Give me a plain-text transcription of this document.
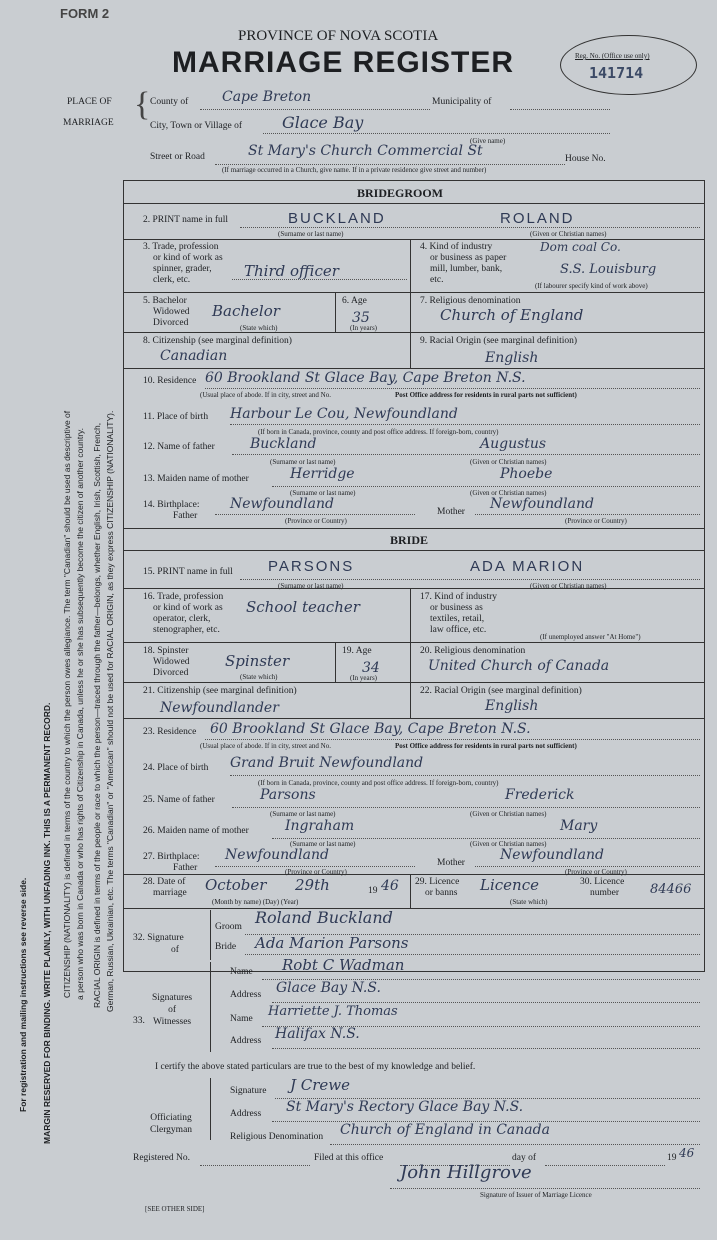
FORM 2
PROVINCE OF NOVA SCOTIA
MARRIAGE REGISTER	Reg. No. (Office use only)
141714
PLACE OF
MARRIAGE { County of Cape Breton	Municipality of
City, Town or Village of	Glace Bay
(Give name)
Street or Road	St Mary's Church Commercial St	House No.
(If marriage occurred in a Church, give name. If in a private residence give street and number)
BRIDEGROOM
2. PRINT name in full	BUCKLAND	ROLAND
(Surname or last name)	(Given or Christian names)
3. Trade, profession
or kind of work as
spinner, grader,
clerk, etc.	Third officer
4. Kind of industry
or business as paper
mill, lumber, bank,
etc.
Dom coal Co.
S.S. Louisburg
(If labourer specify kind of work above)
5. Bachelor
Widowed
Divorced
Bachelor
(State which)
6. Age
35
(In years)
7. Religious denomination
Church of England
8. Citizenship (see marginal definition)
Canadian
9. Racial Origin (see marginal definition)
English
10. Residence 60 Brookland St Glace Bay, Cape Breton N.S.
(Usual place of abode. If in city, street and No.	Post Office address for residents in rural parts not sufficient)
11. Place of birth Harbour Le Cou, Newfoundland
(If born in Canada, province, county and post office address. If foreign-born, country)
12. Name of father	Buckland	Augustus
(Surname or last name)	(Given or Christian names)
13. Maiden name of mother	Herridge	Phoebe
(Surname or last name)	(Given or Christian names)
14. Birthplace:
Father
Newfoundland	Mother Newfoundland
(Province or Country)	(Province or Country)
BRIDE
15. PRINT name in full PARSONS	ADA MARION
(Surname or last name)	(Given or Christian names)
16. Trade, profession
or kind of work as
operator, clerk,
stenographer, etc.
School teacher
17. Kind of industry
or business as
textiles, retail,
law office, etc.
(If unemployed answer "At Home")
18. Spinster
Widowed
Divorced
Spinster
(State which)
19. Age
34
(In years)
20. Religious denomination
United Church of Canada
21. Citizenship (see marginal definition)
Newfoundlander
22. Racial Origin (see marginal definition)
English
23. Residence 60 Brookland St Glace Bay, Cape Breton N.S.
(Usual place of abode. If in city, street and No.	Post Office address for residents in rural parts not sufficient)
24. Place of birth Grand Bruit Newfoundland
(If born in Canada, province, county and post office address. If foreign-born, country)
25. Name of father	Parsons	Frederick
(Surname or last name)	(Given or Christian names)
26. Maiden name of mother	Ingraham	Mary
(Surname or last name)	(Given or Christian names)
27. Birthplace:
Father
Newfoundland	Mother	Newfoundland
(Province or Country)	(Province or Country)
28. Date of
marriage October 29th	19 46
(Month by name) (Day) (Year)
29. Licence
or banns Licence
(State which)
30. Licence
number	84466
32. Signature
of
Groom Roland Buckland
Bride Ada Marion Parsons
33.
Signatures
of
Witnesses
Name Robt C Wadman
Address Glace Bay N.S.
Name Harriette J. Thomas
Address Halifax N.S.
I certify the above stated particulars are true to the best of my knowledge and belief.
Officiating
Clergyman
Signature J Crewe
Address St Mary's Rectory Glace Bay N.S.
Religious Denomination Church of England in Canada
Registered No.	Filed at this office	day of	19 46
John Hillgrove
Signature of Issuer of Marriage Licence
[SEE OTHER SIDE]
For registration and mailing instructions see reverse side. MARGIN RESERVED FOR BINDING. WRITE PLAINLY, WITH UNFADING INK. THIS IS A PERMANENT RECORD. CITIZENSHIP (NATIONALITY) is defined in terms of the country to which the person owes allegiance. The term "Canadian" should be used as descriptive of a person who was born in Canada or who has rights of Citizenship in Canada, unless he or she has subsequently become the citizen of another country. RACIAL ORIGIN is defined in terms of the people or race to which the person—traced through the father—belongs, whether English, Irish, Scottish, French, German, Russian, Ukrainian, etc. The terms "Canadian" or "American" should not be used for RACIAL ORIGIN, as they express CITIZENSHIP (NATIONALITY).
